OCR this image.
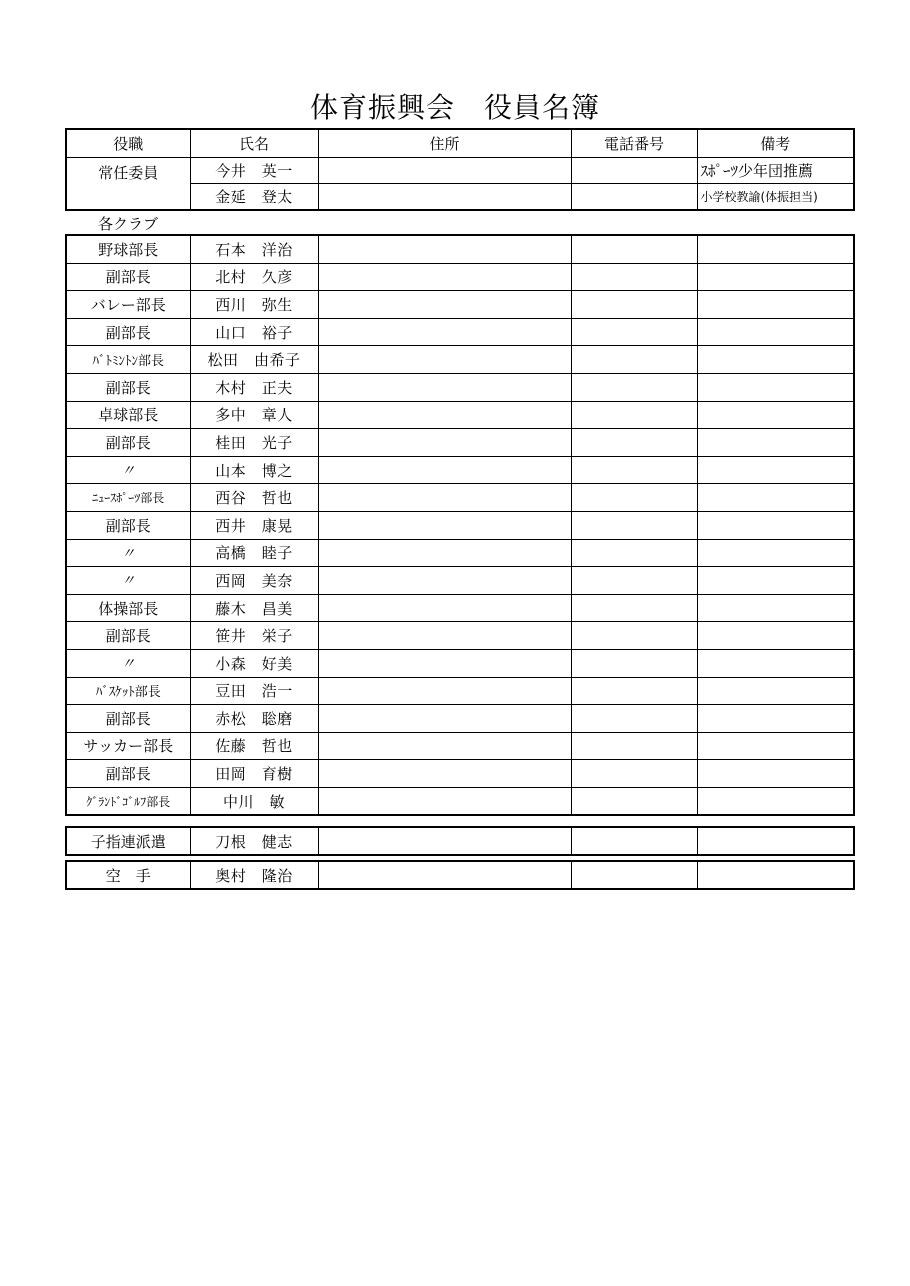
体育振興会　役員名簿
役職	氏名	住所	電話番号	備考
常任委員	今井　英一			ｽﾎﾟｰﾂ少年団推薦
	金延　登太			小学校教諭(体振担当)
各クラブ
野球部長	石本　洋治			
副部長	北村　久彦			
バレー部長	西川　弥生			
副部長	山口　裕子			
ﾊﾞﾄﾐﾝﾄﾝ部長	松田　由希子			
副部長	木村　正夫			
卓球部長	多中　章人			
副部長	桂田　光子			
〃	山本　博之			
ﾆｭｰｽﾎﾟｰﾂ部長	西谷　哲也			
副部長	西井　康晃			
〃	高橋　睦子			
〃	西岡　美奈			
体操部長	藤木　昌美			
副部長	笹井　栄子			
〃	小森　好美			
ﾊﾞｽｹｯﾄ部長	豆田　浩一			
副部長	赤松　聡磨			
サッカー部長	佐藤　哲也			
副部長	田岡　育樹			
ｸﾞﾗﾝﾄﾞｺﾞﾙﾌ部長	中川　敏			
子指連派遣	刀根　健志			
空　手	奥村　隆治			
